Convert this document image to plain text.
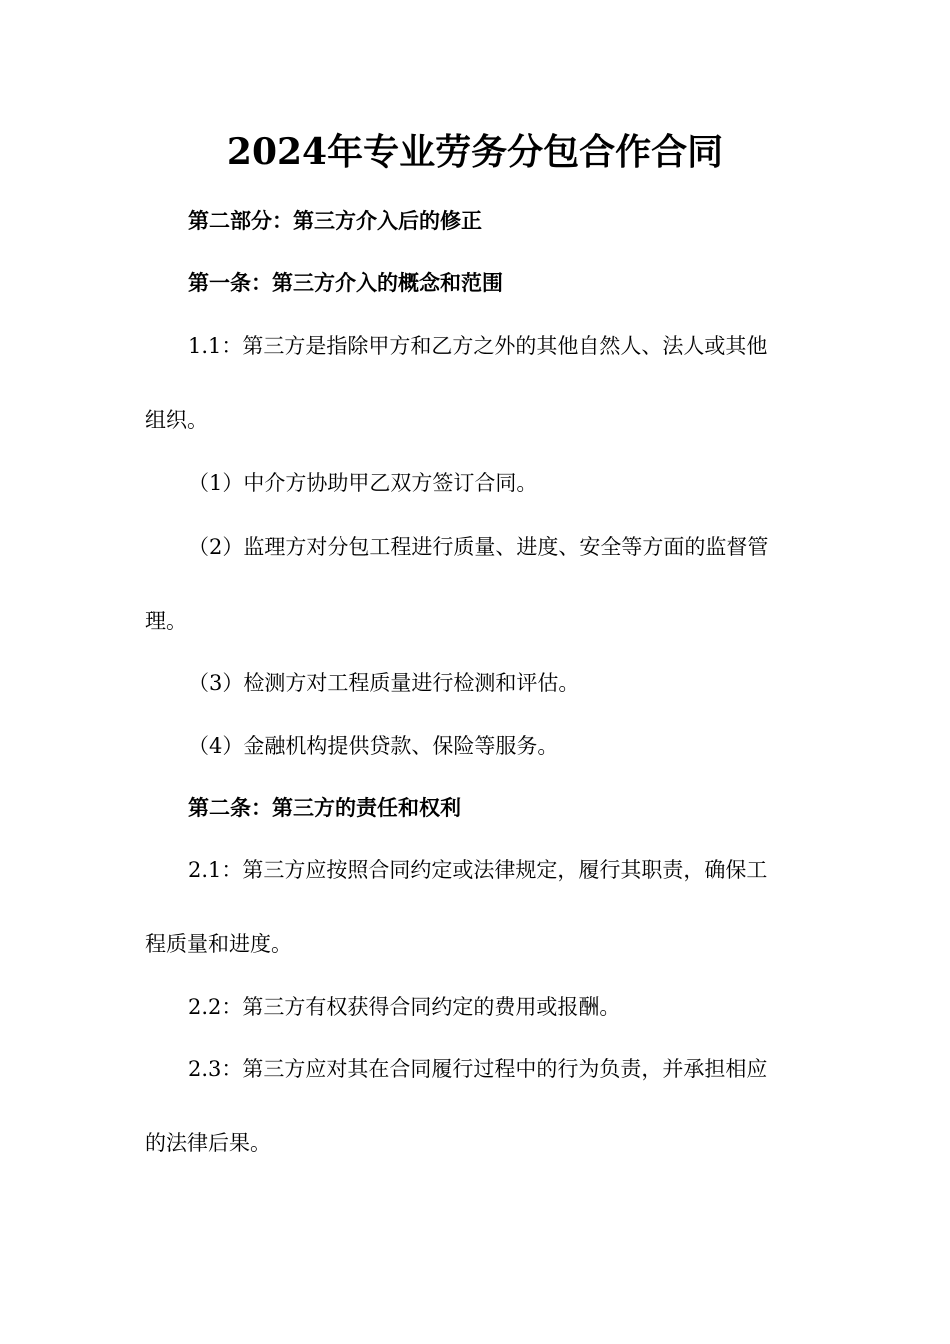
2024年专业劳务分包合作合同
第二部分：第三方介入后的修正
第一条：第三方介入的概念和范围
1.1：第三方是指除甲方和乙方之外的其他自然人、法人或其他
组织。
（1）中介方协助甲乙双方签订合同。
（2）监理方对分包工程进行质量、进度、安全等方面的监督管
理。
（3）检测方对工程质量进行检测和评估。
（4）金融机构提供贷款、保险等服务。
第二条：第三方的责任和权利
2.1：第三方应按照合同约定或法律规定，履行其职责，确保工
程质量和进度。
2.2：第三方有权获得合同约定的费用或报酬。
2.3：第三方应对其在合同履行过程中的行为负责，并承担相应
的法律后果。
